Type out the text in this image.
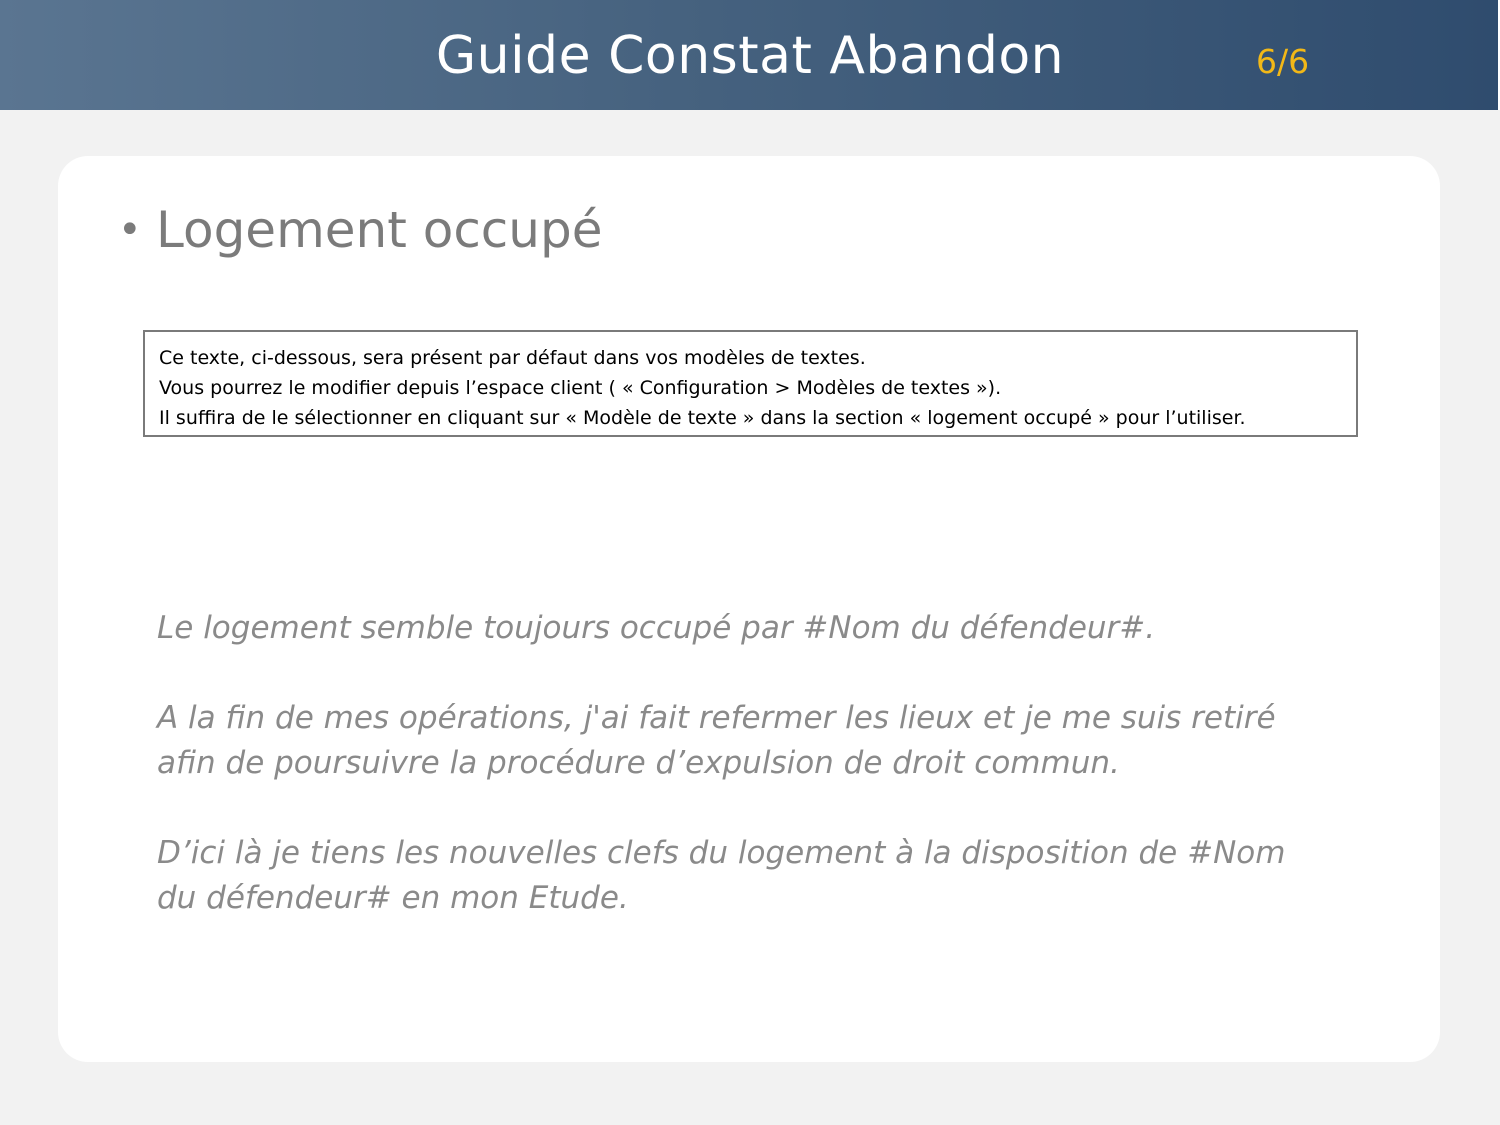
Guide Constat Abandon	6/6
• Logement occupé
Ce texte, ci-dessous, sera présent par défaut dans vos modèles de textes.
Vous pourrez le modifier depuis l’espace client ( « Configuration > Modèles de textes »).
Il suffira de le sélectionner en cliquant sur « Modèle de texte » dans la section « logement occupé » pour l’utiliser.

Le logement semble toujours occupé par #Nom du défendeur#.

A la fin de mes opérations, j'ai fait refermer les lieux et je me suis retiré afin de poursuivre la procédure d’expulsion de droit commun.

D’ici là je tiens les nouvelles clefs du logement à la disposition de #Nom du défendeur# en mon Etude.
